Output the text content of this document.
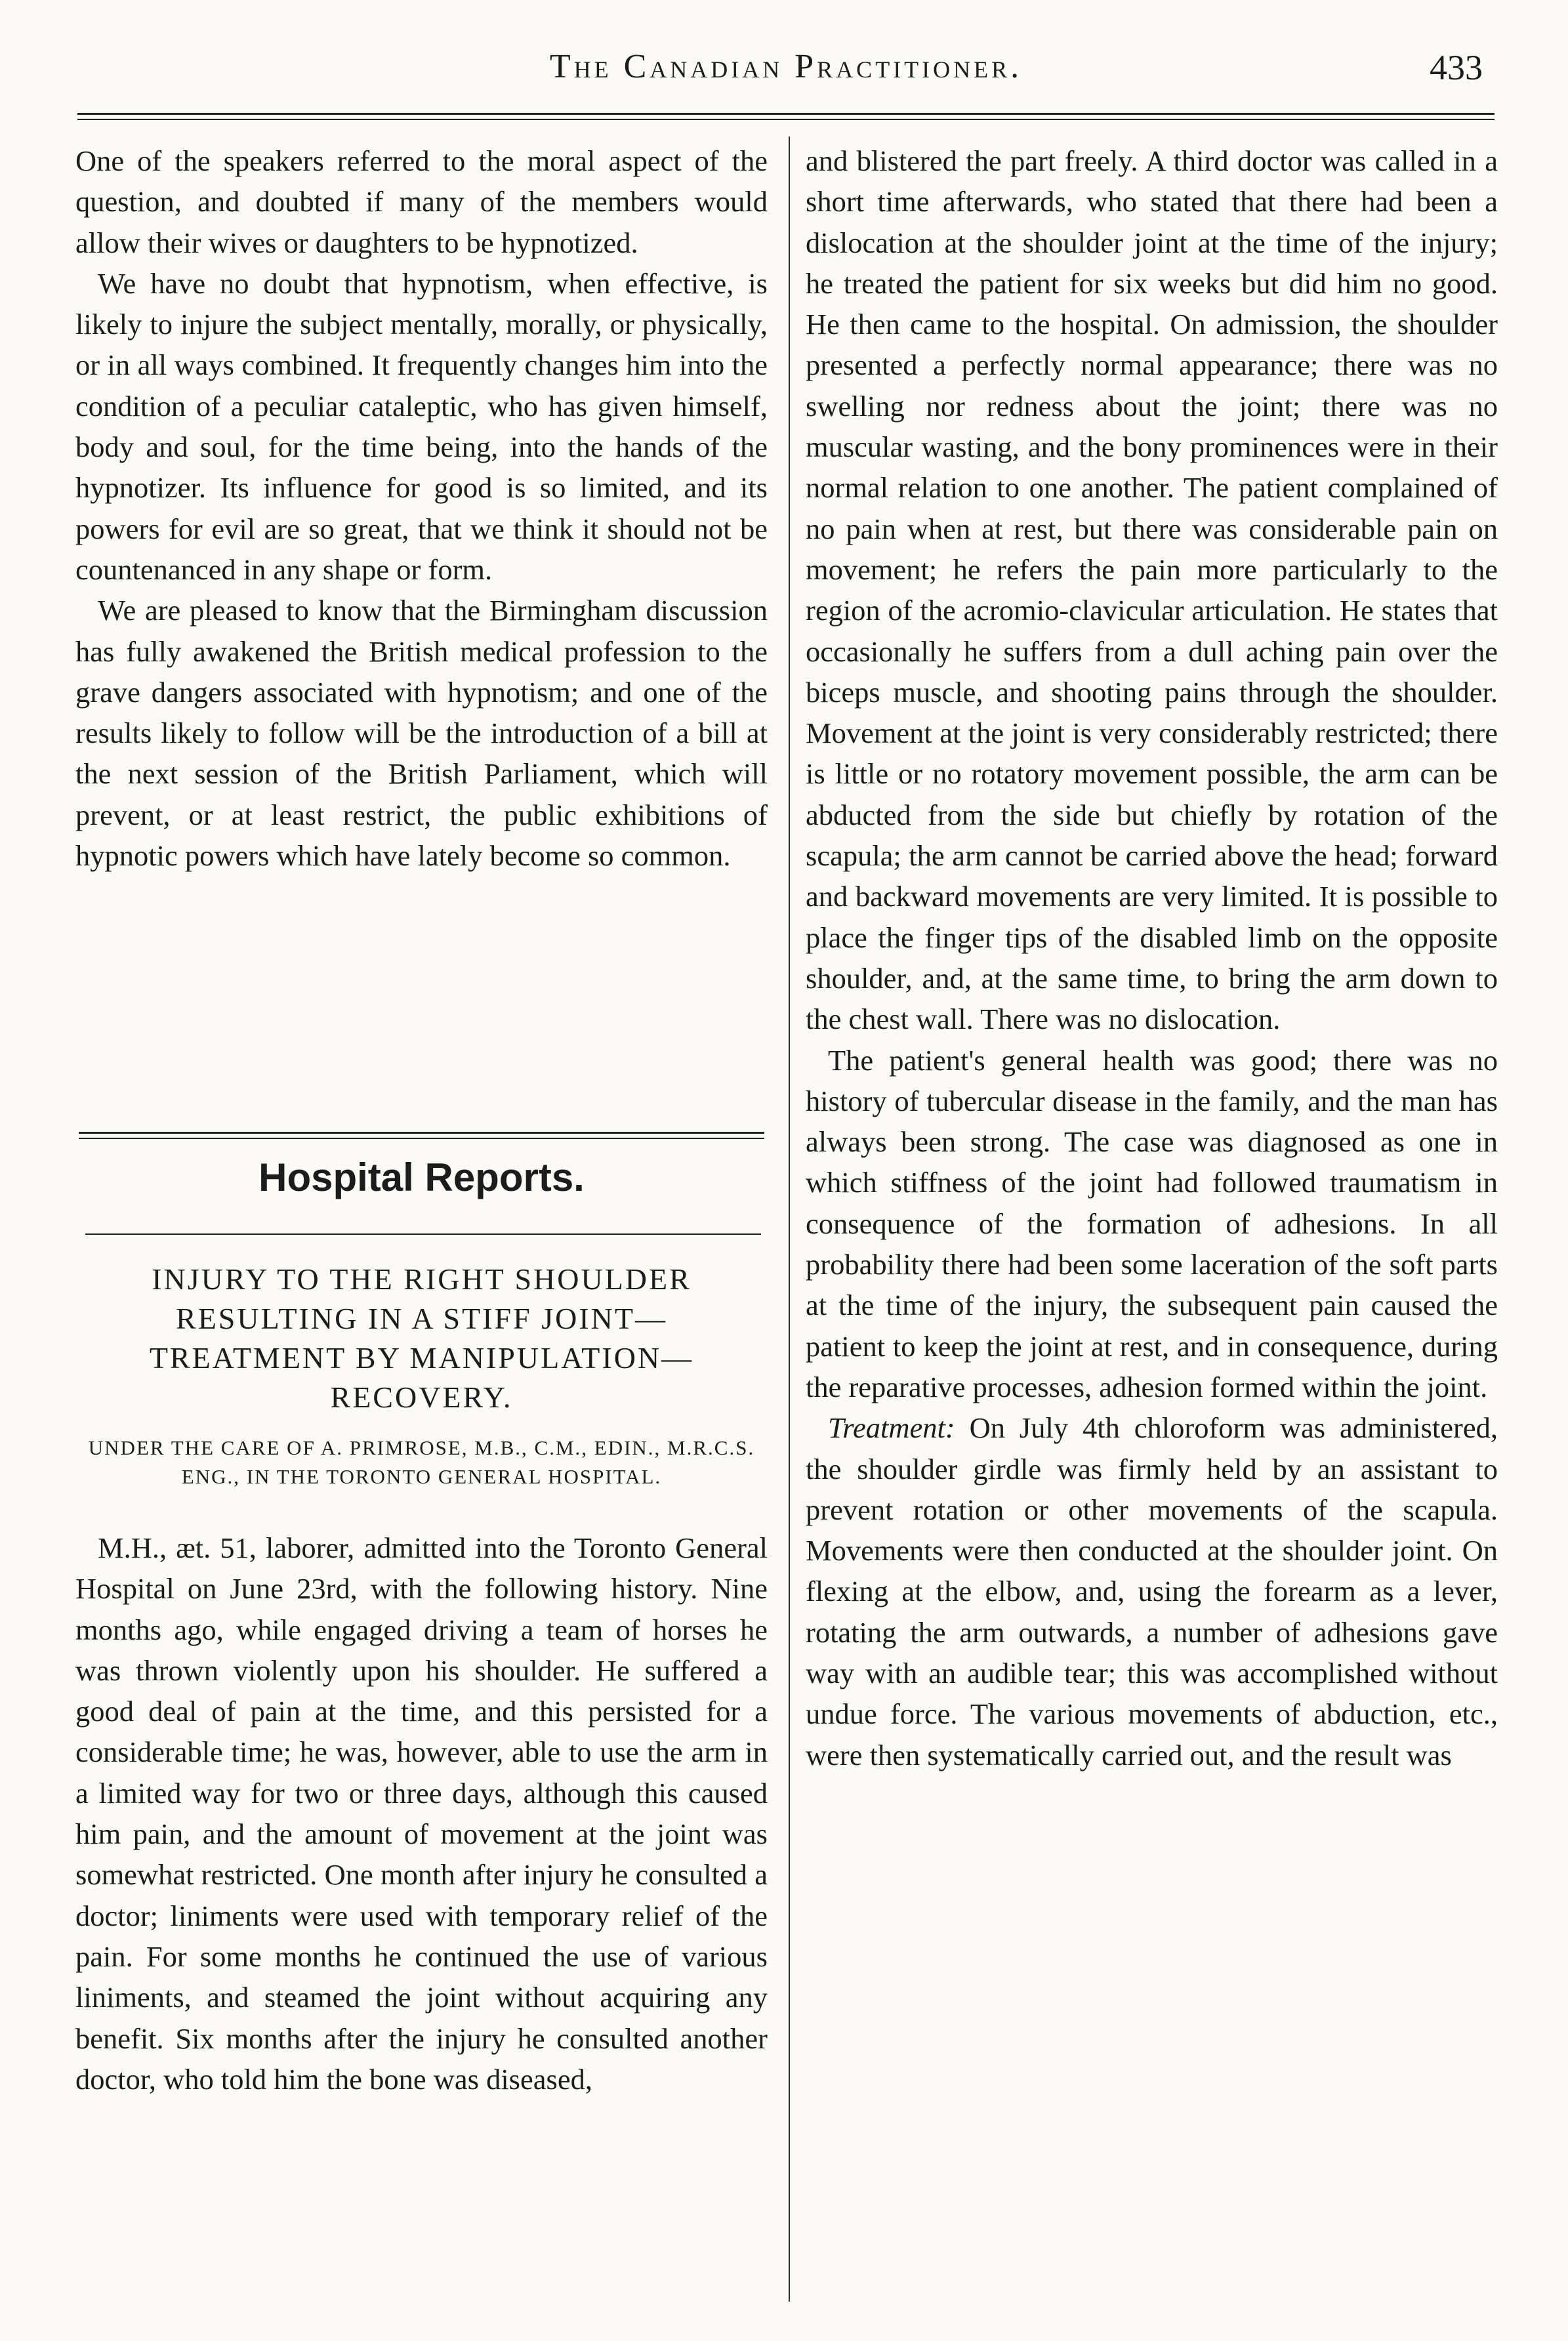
The Canadian Practitioner.	433

One of the speakers referred to the moral aspect of the question, and doubted if many of the members would allow their wives or daughters to be hypnotized.

We have no doubt that hypnotism, when effective, is likely to injure the subject mentally, morally, or physically, or in all ways combined. It frequently changes him into the condition of a peculiar cataleptic, who has given himself, body and soul, for the time being, into the hands of the hypnotizer. Its influence for good is so limited, and its powers for evil are so great, that we think it should not be countenanced in any shape or form.

We are pleased to know that the Birmingham discussion has fully awakened the British medical profession to the grave dangers associated with hypnotism; and one of the results likely to follow will be the introduction of a bill at the next session of the British Parliament, which will prevent, or at least restrict, the public exhibitions of hypnotic powers which have lately become so common.

Hospital Reports.
INJURY TO THE RIGHT SHOULDER RESULTING IN A STIFF JOINT— TREATMENT BY MANIPULATION—RECOVERY.
UNDER THE CARE OF A. PRIMROSE, M.B., C.M., EDIN., M.R.C.S. ENG., IN THE TORONTO GENERAL HOSPITAL.

M.H., æt. 51, laborer, admitted into the Toronto General Hospital on June 23rd, with the following history. Nine months ago, while engaged driving a team of horses he was thrown violently upon his shoulder. He suffered a good deal of pain at the time, and this persisted for a considerable time; he was, however, able to use the arm in a limited way for two or three days, although this caused him pain, and the amount of movement at the joint was somewhat restricted. One month after injury he consulted a doctor; liniments were used with temporary relief of the pain. For some months he continued the use of various liniments, and steamed the joint without acquiring any benefit. Six months after the injury he consulted another doctor, who told him the bone was diseased,

and blistered the part freely. A third doctor was called in a short time afterwards, who stated that there had been a dislocation at the shoulder joint at the time of the injury; he treated the patient for six weeks but did him no good. He then came to the hospital. On admission, the shoulder presented a perfectly normal appearance; there was no swelling nor redness about the joint; there was no muscular wasting, and the bony prominences were in their normal relation to one another. The patient complained of no pain when at rest, but there was considerable pain on movement; he refers the pain more particularly to the region of the acromio-clavicular articulation. He states that occasionally he suffers from a dull aching pain over the biceps muscle, and shooting pains through the shoulder. Movement at the joint is very considerably restricted; there is little or no rotatory movement possible, the arm can be abducted from the side but chiefly by rotation of the scapula; the arm cannot be carried above the head; forward and backward movements are very limited. It is possible to place the finger tips of the disabled limb on the opposite shoulder, and, at the same time, to bring the arm down to the chest wall. There was no dislocation.

The patient's general health was good; there was no history of tubercular disease in the family, and the man has always been strong. The case was diagnosed as one in which stiffness of the joint had followed traumatism in consequence of the formation of adhesions. In all probability there had been some laceration of the soft parts at the time of the injury, the subsequent pain caused the patient to keep the joint at rest, and in consequence, during the reparative processes, adhesion formed within the joint.

Treatment: On July 4th chloroform was administered, the shoulder girdle was firmly held by an assistant to prevent rotation or other movements of the scapula. Movements were then conducted at the shoulder joint. On flexing at the elbow, and, using the forearm as a lever, rotating the arm outwards, a number of adhesions gave way with an audible tear; this was accomplished without undue force. The various movements of abduction, etc., were then systematically carried out, and the result was
